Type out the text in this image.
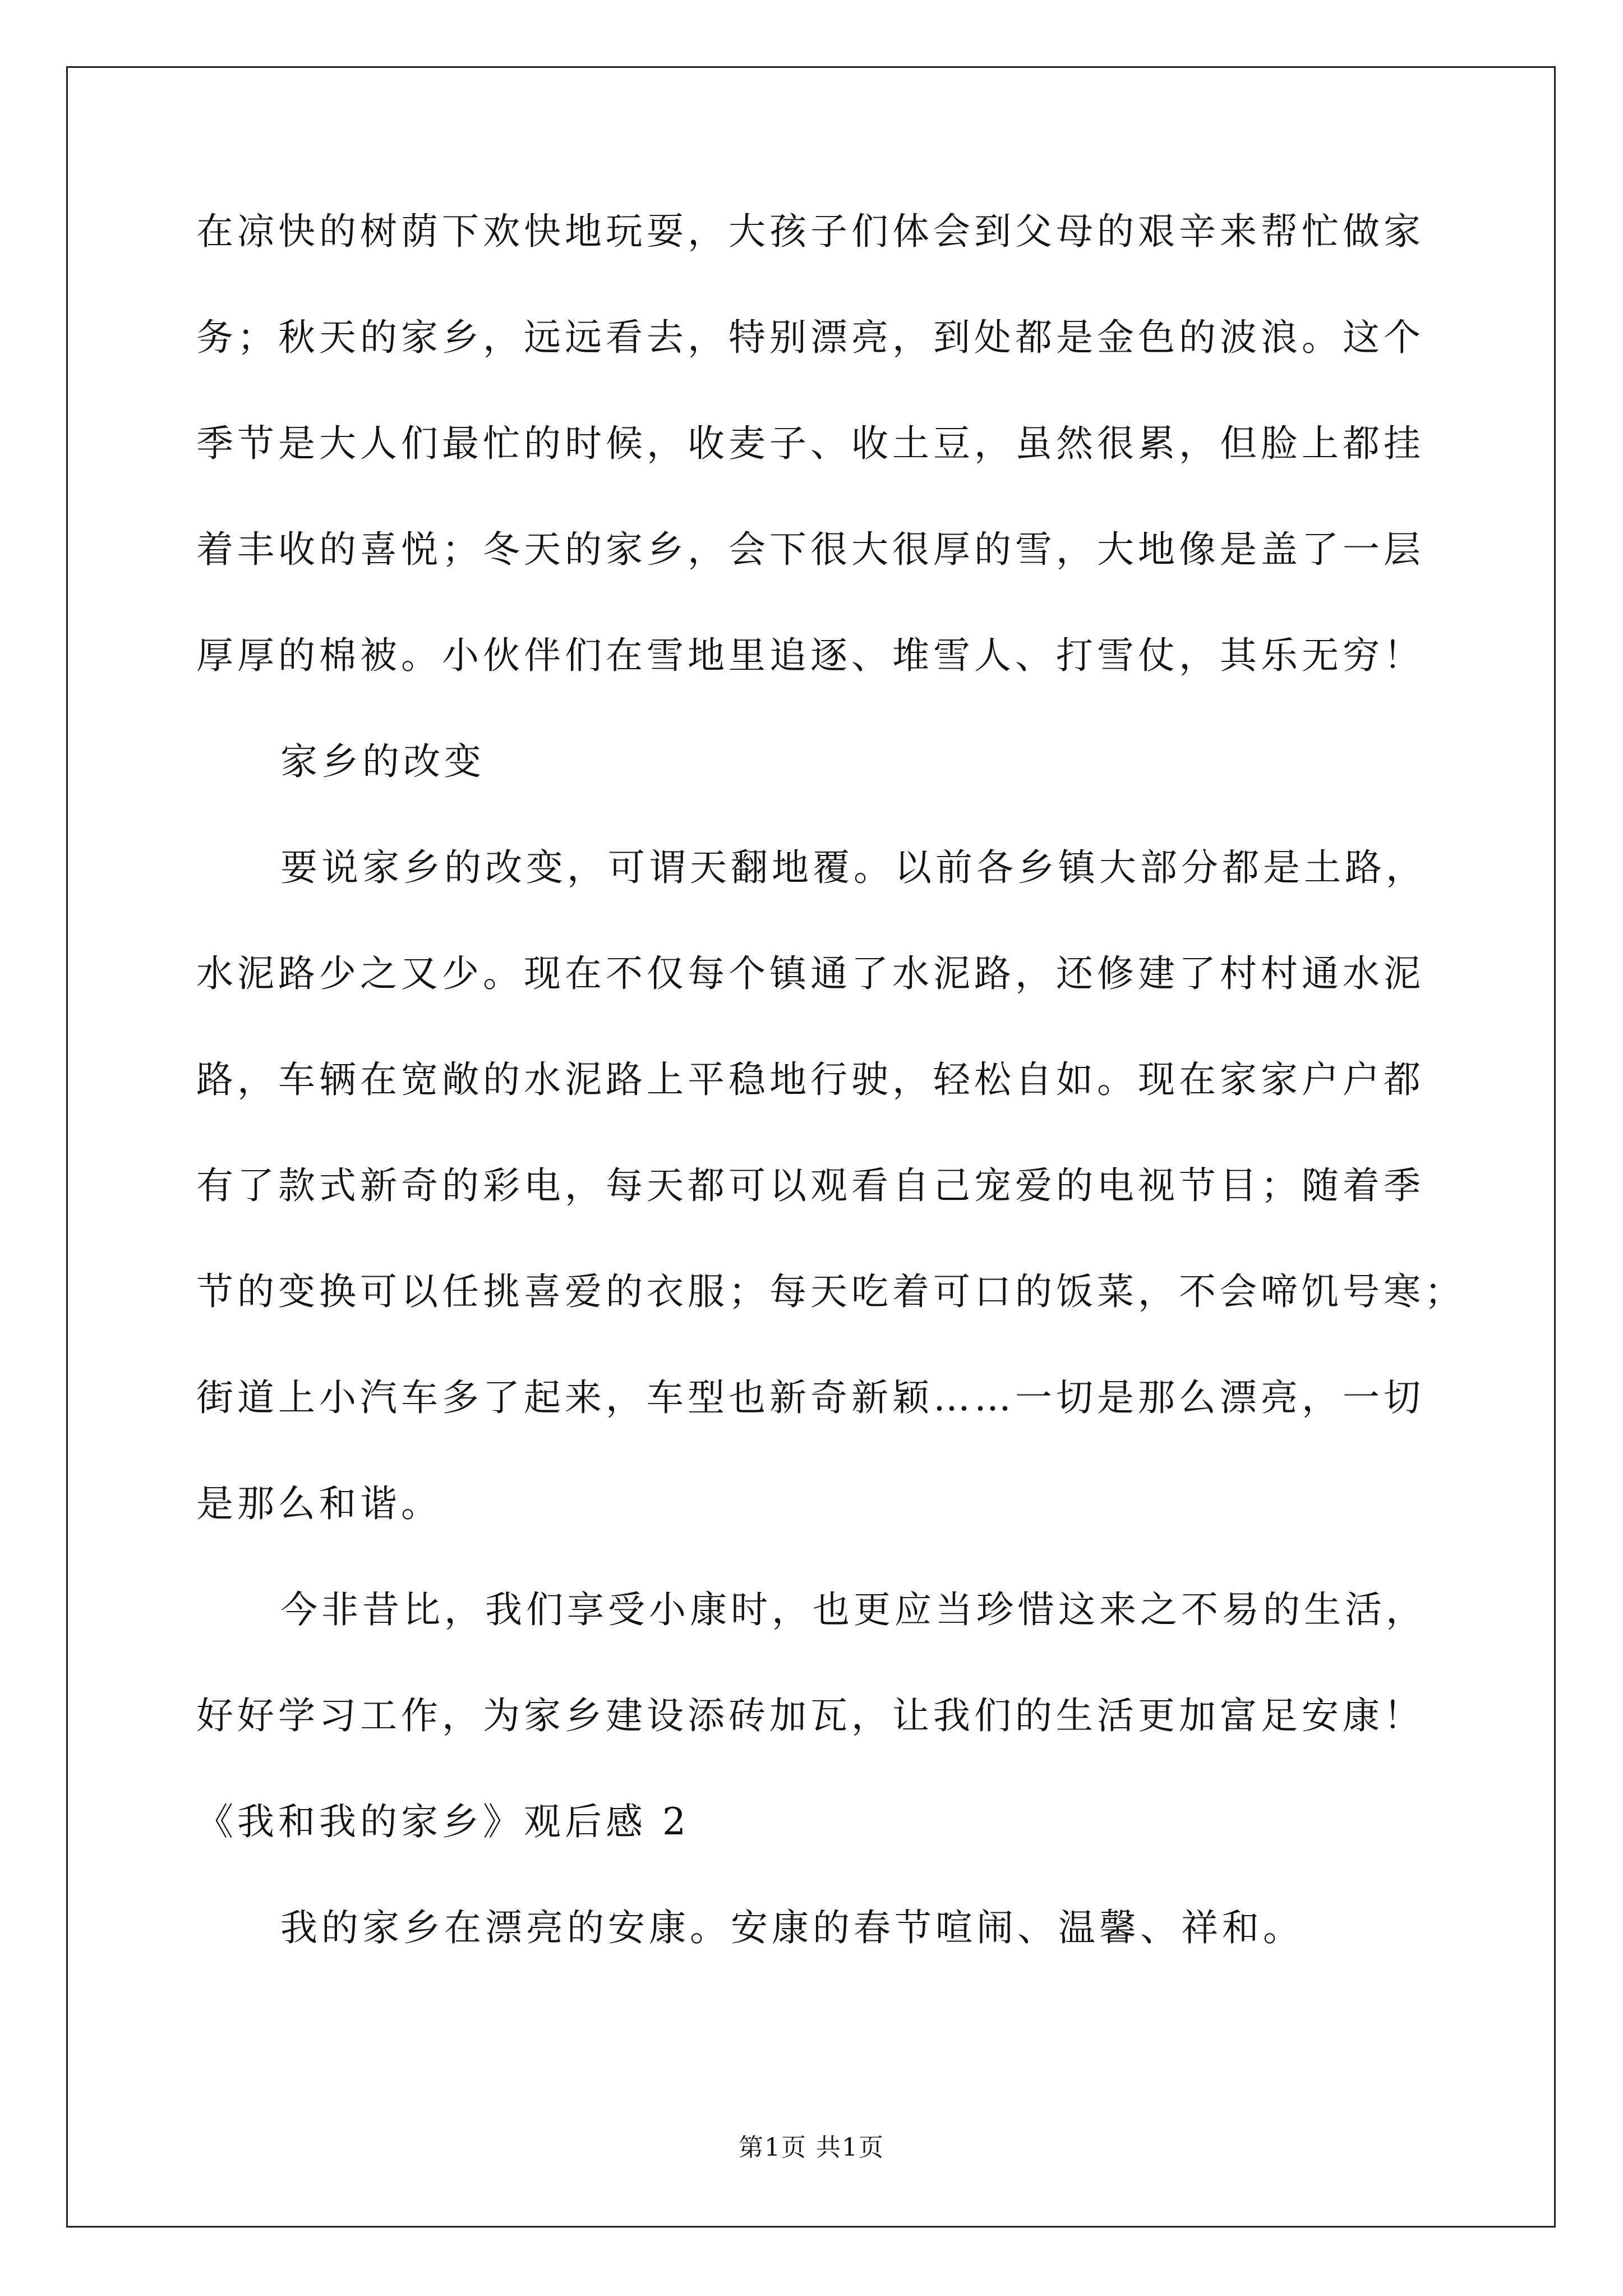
在凉快的树荫下欢快地玩耍，大孩子们体会到父母的艰辛来帮忙做家
务；秋天的家乡，远远看去，特别漂亮，到处都是金色的波浪。这个
季节是大人们最忙的时候，收麦子、收土豆，虽然很累，但脸上都挂
着丰收的喜悦；冬天的家乡，会下很大很厚的雪，大地像是盖了一层
厚厚的棉被。小伙伴们在雪地里追逐、堆雪人、打雪仗，其乐无穷！
家乡的改变
要说家乡的改变，可谓天翻地覆。以前各乡镇大部分都是土路，
水泥路少之又少。现在不仅每个镇通了水泥路，还修建了村村通水泥
路，车辆在宽敞的水泥路上平稳地行驶，轻松自如。现在家家户户都
有了款式新奇的彩电，每天都可以观看自己宠爱的电视节目；随着季
节的变换可以任挑喜爱的衣服；每天吃着可口的饭菜，不会啼饥号寒；
街道上小汽车多了起来，车型也新奇新颖……一切是那么漂亮，一切
是那么和谐。
今非昔比，我们享受小康时，也更应当珍惜这来之不易的生活，
好好学习工作，为家乡建设添砖加瓦，让我们的生活更加富足安康！
《我和我的家乡》观后感 2
我的家乡在漂亮的安康。安康的春节喧闹、温馨、祥和。
第1页 共1页
